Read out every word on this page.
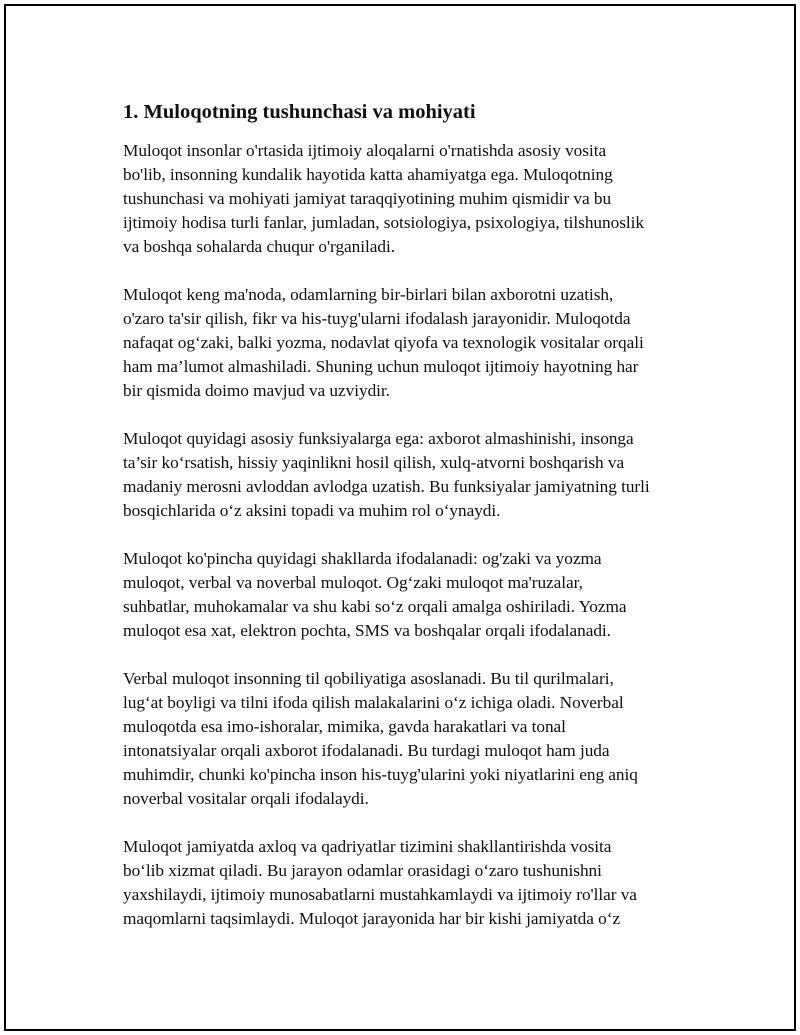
1. Muloqotning tushunchasi va mohiyati

Muloqot insonlar o'rtasida ijtimoiy aloqalarni o'rnatishda asosiy vosita
bo'lib, insonning kundalik hayotida katta ahamiyatga ega. Muloqotning
tushunchasi va mohiyati jamiyat taraqqiyotining muhim qismidir va bu
ijtimoiy hodisa turli fanlar, jumladan, sotsiologiya, psixologiya, tilshunoslik
va boshqa sohalarda chuqur o'rganiladi.

Muloqot keng ma'noda, odamlarning bir-birlari bilan axborotni uzatish,
o'zaro ta'sir qilish, fikr va his-tuyg'ularni ifodalash jarayonidir. Muloqotda
nafaqat og‘zaki, balki yozma, nodavlat qiyofa va texnologik vositalar orqali
ham ma’lumot almashiladi. Shuning uchun muloqot ijtimoiy hayotning har
bir qismida doimo mavjud va uzviydir.

Muloqot quyidagi asosiy funksiyalarga ega: axborot almashinishi, insonga
ta’sir ko‘rsatish, hissiy yaqinlikni hosil qilish, xulq-atvorni boshqarish va
madaniy merosni avloddan avlodga uzatish. Bu funksiyalar jamiyatning turli
bosqichlarida o‘z aksini topadi va muhim rol o‘ynaydi.

Muloqot ko'pincha quyidagi shakllarda ifodalanadi: og'zaki va yozma
muloqot, verbal va noverbal muloqot. Og‘zaki muloqot ma'ruzalar,
suhbatlar, muhokamalar va shu kabi so‘z orqali amalga oshiriladi. Yozma
muloqot esa xat, elektron pochta, SMS va boshqalar orqali ifodalanadi.

Verbal muloqot insonning til qobiliyatiga asoslanadi. Bu til qurilmalari,
lug‘at boyligi va tilni ifoda qilish malakalarini o‘z ichiga oladi. Noverbal
muloqotda esa imo-ishoralar, mimika, gavda harakatlari va tonal
intonatsiyalar orqali axborot ifodalanadi. Bu turdagi muloqot ham juda
muhimdir, chunki ko'pincha inson his-tuyg'ularini yoki niyatlarini eng aniq
noverbal vositalar orqali ifodalaydi.

Muloqot jamiyatda axloq va qadriyatlar tizimini shakllantirishda vosita
bo‘lib xizmat qiladi. Bu jarayon odamlar orasidagi o‘zaro tushunishni
yaxshilaydi, ijtimoiy munosabatlarni mustahkamlaydi va ijtimoiy ro'llar va
maqomlarni taqsimlaydi. Muloqot jarayonida har bir kishi jamiyatda o‘z
